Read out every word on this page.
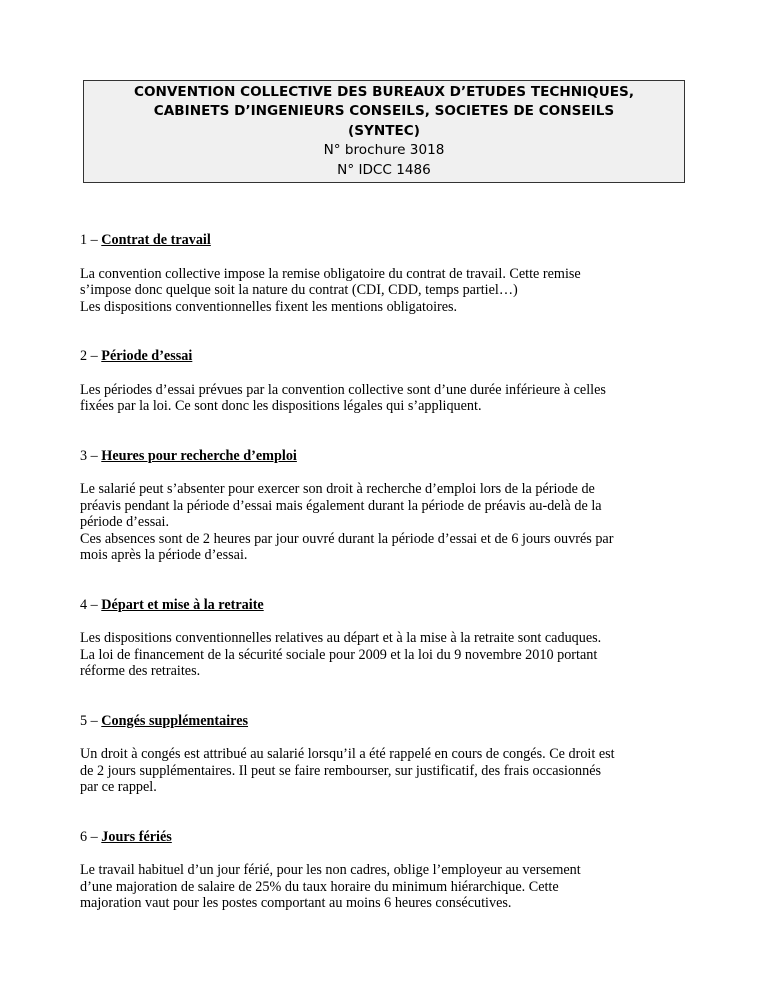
CONVENTION COLLECTIVE DES BUREAUX D’ETUDES TECHNIQUES,
CABINETS D’INGENIEURS CONSEILS, SOCIETES DE CONSEILS
(SYNTEC)
N° brochure 3018
N° IDCC 1486
1 – Contrat de travail

La convention collective impose la remise obligatoire du contrat de travail. Cette remise

s’impose donc quelque soit la nature du contrat (CDI, CDD, temps partiel…)

Les dispositions conventionnelles fixent les mentions obligatoires.

2 – Période d’essai

Les périodes d’essai prévues par la convention collective sont d’une durée inférieure à celles

fixées par la loi. Ce sont donc les dispositions légales qui s’appliquent.

3 – Heures pour recherche d’emploi

Le salarié peut s’absenter pour exercer son droit à recherche d’emploi lors de la période de

préavis pendant la période d’essai mais également durant la période de préavis au-delà de la

période d’essai.

Ces absences sont de 2 heures par jour ouvré durant la période d’essai et de 6 jours ouvrés par

mois après la période d’essai.

4 – Départ et mise à la retraite

Les dispositions conventionnelles relatives au départ et à la mise à la retraite sont caduques.

La loi de financement de la sécurité sociale pour 2009 et la loi du 9 novembre 2010 portant

réforme des retraites.

5 – Congés supplémentaires

Un droit à congés est attribué au salarié lorsqu’il a été rappelé en cours de congés. Ce droit est

de 2 jours supplémentaires. Il peut se faire rembourser, sur justificatif, des frais occasionnés

par ce rappel.

6 – Jours fériés

Le travail habituel d’un jour férié, pour les non cadres, oblige l’employeur au versement

d’une majoration de salaire de 25% du taux horaire du minimum hiérarchique. Cette

majoration vaut pour les postes comportant au moins 6 heures consécutives.
